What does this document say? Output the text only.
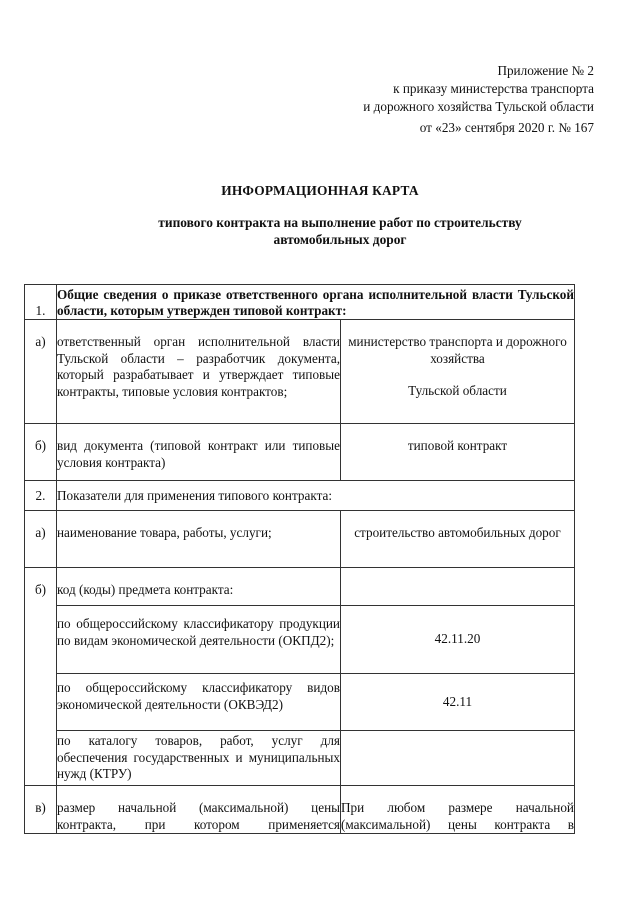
Приложение № 2
к приказу министерства транспорта
и дорожного хозяйства Тульской области
от «23» сентября 2020 г. № 167
ИНФОРМАЦИОННАЯ КАРТА
типового контракта на выполнение работ по строительству автомобильных дорог
1.	Общие сведения о приказе ответственного органа исполнительной власти Тульской области, которым утвержден типовой контракт:	
а)	ответственный орган исполнительной власти Тульской области – разработчик документа, который разрабатывает и утверждает типовые контракты, типовые условия контрактов;	министерство транспорта и дорожного хозяйства
Тульской области

б)	вид документа (типовой контракт или типовые условия контракта)	типовой контракт
2.	Показатели для применения типового контракта:	
а)	наименование товара, работы, услуги;	строительство автомобильных дорог
б)	код (коды) предмета контракта:	
	по общероссийскому классификатору продукции по видам экономической деятельности (ОКПД2);	42.11.20
	по общероссийскому классификатору видов экономической деятельности (ОКВЭД2)	42.11
	по каталогу товаров, работ, услуг для обеспечения государственных и муниципальных нужд (КТРУ)	
в)	размер начальной (максимальной) цены контракта, при котором применяется	При любом размере начальной (максимальной) цены контракта в
